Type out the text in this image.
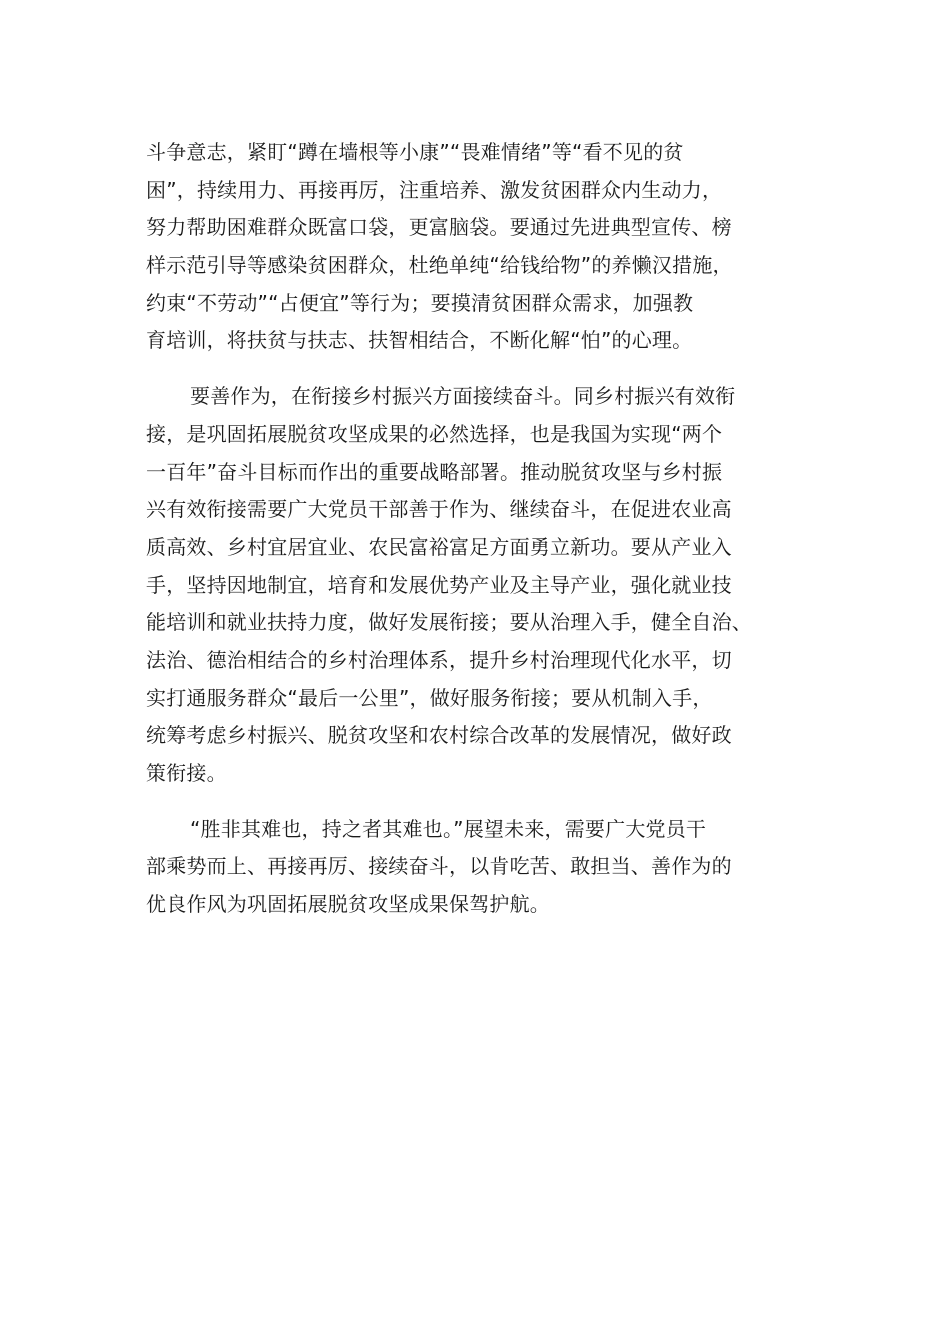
斗争意志，紧盯“蹲在墙根等小康”“畏难情绪”等“看不见的贫
困”，持续用力、再接再厉，注重培养、激发贫困群众内生动力，
努力帮助困难群众既富口袋，更富脑袋。要通过先进典型宣传、榜
样示范引导等感染贫困群众，杜绝单纯“给钱给物”的养懒汉措施，
约束“不劳动”“占便宜”等行为；要摸清贫困群众需求，加强教
育培训，将扶贫与扶志、扶智相结合，不断化解“怕”的心理。
要善作为，在衔接乡村振兴方面接续奋斗。同乡村振兴有效衔
接，是巩固拓展脱贫攻坚成果的必然选择，也是我国为实现“两个
一百年”奋斗目标而作出的重要战略部署。推动脱贫攻坚与乡村振
兴有效衔接需要广大党员干部善于作为、继续奋斗，在促进农业高
质高效、乡村宜居宜业、农民富裕富足方面勇立新功。要从产业入
手，坚持因地制宜，培育和发展优势产业及主导产业，强化就业技
能培训和就业扶持力度，做好发展衔接；要从治理入手，健全自治、
法治、德治相结合的乡村治理体系，提升乡村治理现代化水平，切
实打通服务群众“最后一公里”，做好服务衔接；要从机制入手，
统筹考虑乡村振兴、脱贫攻坚和农村综合改革的发展情况，做好政
策衔接。
“胜非其难也，持之者其难也。”展望未来，需要广大党员干
部乘势而上、再接再厉、接续奋斗，以肯吃苦、敢担当、善作为的
优良作风为巩固拓展脱贫攻坚成果保驾护航。
